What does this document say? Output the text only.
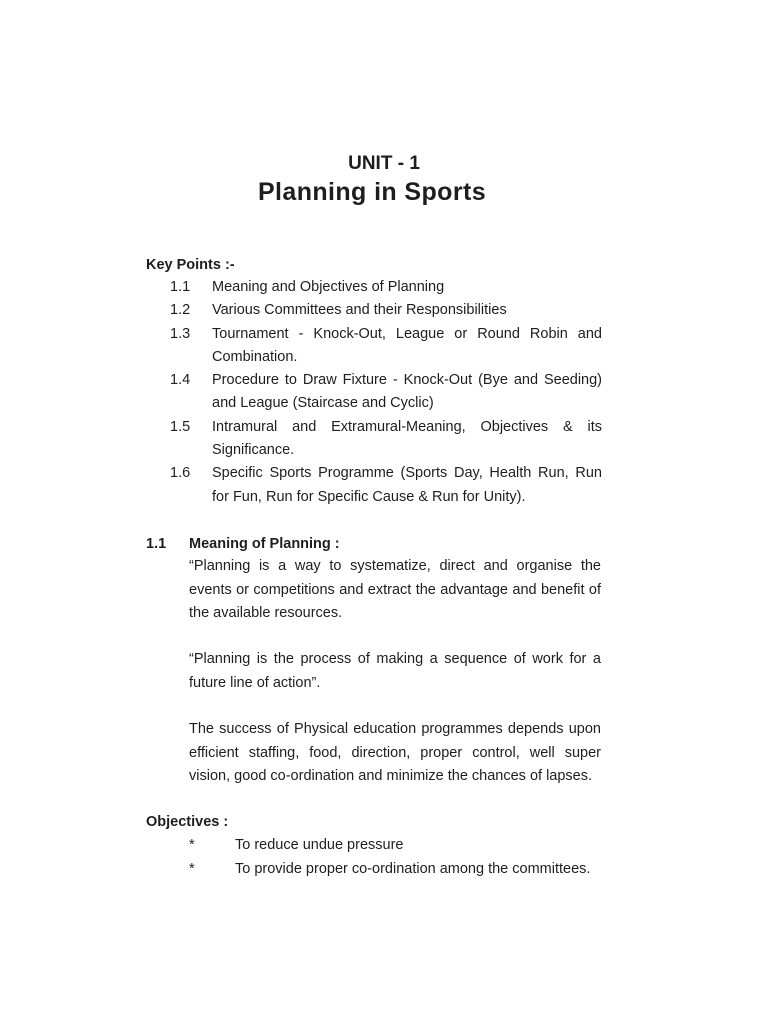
UNIT - 1
Planning in Sports
Key Points :-
1.1	Meaning and Objectives of Planning
1.2	Various Committees and their Responsibilities
1.3	Tournament - Knock-Out, League or Round Robin and Combination.
1.4	Procedure to Draw Fixture - Knock-Out (Bye and Seeding) and League (Staircase and Cyclic)
1.5	Intramural and Extramural-Meaning, Objectives & its Significance.
1.6	Specific Sports Programme (Sports Day, Health Run, Run for Fun, Run for Specific Cause & Run for Unity).
1.1	Meaning of Planning :
“Planning is a way to systematize, direct and organise the events or competitions and extract the advantage and benefit of the available resources.
“Planning is the process of making a sequence of work for a future line of action”.
The success of Physical education programmes depends upon efficient staffing, food, direction, proper control, well super vision, good co-ordination and minimize the chances of lapses.
Objectives :
*	To reduce undue pressure
*	To provide proper co-ordination among the committees.
